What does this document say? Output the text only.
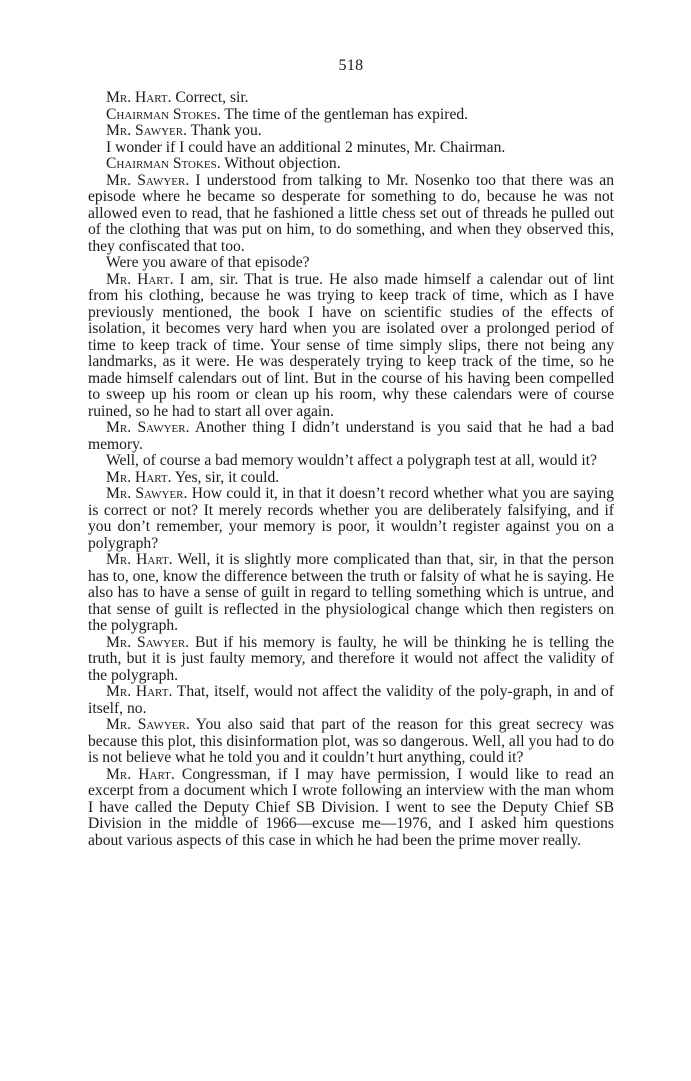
518

Mr. Hart. Correct, sir.

Chairman Stokes. The time of the gentleman has expired.

Mr. Sawyer. Thank you.

I wonder if I could have an additional 2 minutes, Mr. Chairman.

Chairman Stokes. Without objection.

Mr. Sawyer. I understood from talking to Mr. Nosenko too that there was an episode where he became so desperate for something to do, because he was not allowed even to read, that he fashioned a little chess set out of threads he pulled out of the clothing that was put on him, to do something, and when they observed this, they confiscated that too.

Were you aware of that episode?

Mr. Hart. I am, sir. That is true. He also made himself a calendar out of lint from his clothing, because he was trying to keep track of time, which as I have previously mentioned, the book I have on scientific studies of the effects of isolation, it becomes very hard when you are isolated over a prolonged period of time to keep track of time. Your sense of time simply slips, there not being any landmarks, as it were. He was desperately trying to keep track of the time, so he made himself calendars out of lint. But in the course of his having been compelled to sweep up his room or clean up his room, why these calendars were of course ruined, so he had to start all over again.

Mr. Sawyer. Another thing I didn’t understand is you said that he had a bad memory.

Well, of course a bad memory wouldn’t affect a polygraph test at all, would it?

Mr. Hart. Yes, sir, it could.

Mr. Sawyer. How could it, in that it doesn’t record whether what you are saying is correct or not? It merely records whether you are deliberately falsifying, and if you don’t remember, your memory is poor, it wouldn’t register against you on a polygraph?

Mr. Hart. Well, it is slightly more complicated than that, sir, in that the person has to, one, know the difference between the truth or falsity of what he is saying. He also has to have a sense of guilt in regard to telling something which is untrue, and that sense of guilt is reflected in the physiological change which then registers on the polygraph.

Mr. Sawyer. But if his memory is faulty, he will be thinking he is telling the truth, but it is just faulty memory, and therefore it would not affect the validity of the polygraph.

Mr. Hart. That, itself, would not affect the validity of the poly-graph, in and of itself, no.

Mr. Sawyer. You also said that part of the reason for this great secrecy was because this plot, this disinformation plot, was so dangerous. Well, all you had to do is not believe what he told you and it couldn’t hurt anything, could it?

Mr. Hart. Congressman, if I may have permission, I would like to read an excerpt from a document which I wrote following an interview with the man whom I have called the Deputy Chief SB Division. I went to see the Deputy Chief SB Division in the middle of 1966—excuse me—1976, and I asked him questions about various aspects of this case in which he had been the prime mover really.
